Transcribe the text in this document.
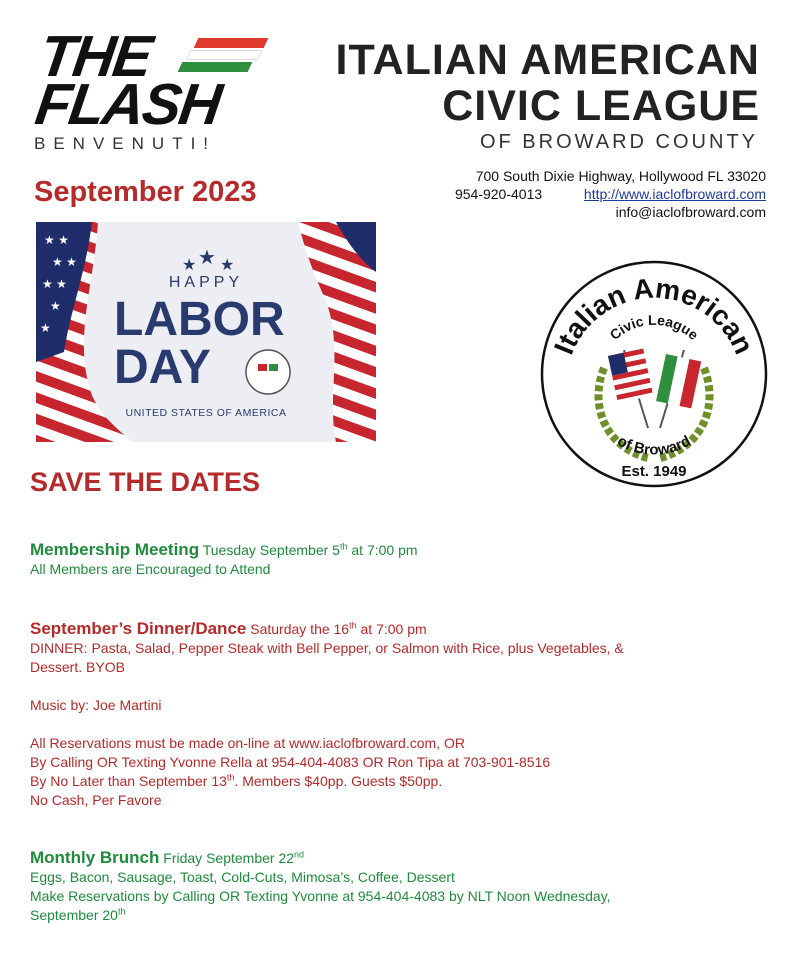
THE
FLASH
BENVENUTI!
ITALIAN AMERICAN
CIVIC LEAGUE
OF BROWARD COUNTY
700 South Dixie Highway, Hollywood FL 33020
954-920-4013	http://www.iaclofbroward.com
info@iaclofbroward.com
September 2023
★ ★
★ ★
★ ★
★
★
★ ★ ★
HAPPY
LABOR
DAY
UNITED STATES OF AMERICA
Italian American
Civic League
of Broward
Est. 1949
SAVE THE DATES
Membership Meeting Tuesday September 5th at 7:00 pm
All Members are Encouraged to Attend
September’s Dinner/Dance Saturday the 16th at 7:00 pm
DINNER: Pasta, Salad, Pepper Steak with Bell Pepper, or Salmon with Rice, plus Vegetables, &
Dessert. BYOB
Music by: Joe Martini
All Reservations must be made on-line at www.iaclofbroward.com, OR
By Calling OR Texting Yvonne Rella at 954-404-4083 OR Ron Tipa at 703-901-8516
By No Later than September 13th. Members $40pp. Guests $50pp.
No Cash, Per Favore
Monthly Brunch Friday September 22nd
Eggs, Bacon, Sausage, Toast, Cold-Cuts, Mimosa’s, Coffee, Dessert
Make Reservations by Calling OR Texting Yvonne at 954-404-4083 by NLT Noon Wednesday,
September 20th
